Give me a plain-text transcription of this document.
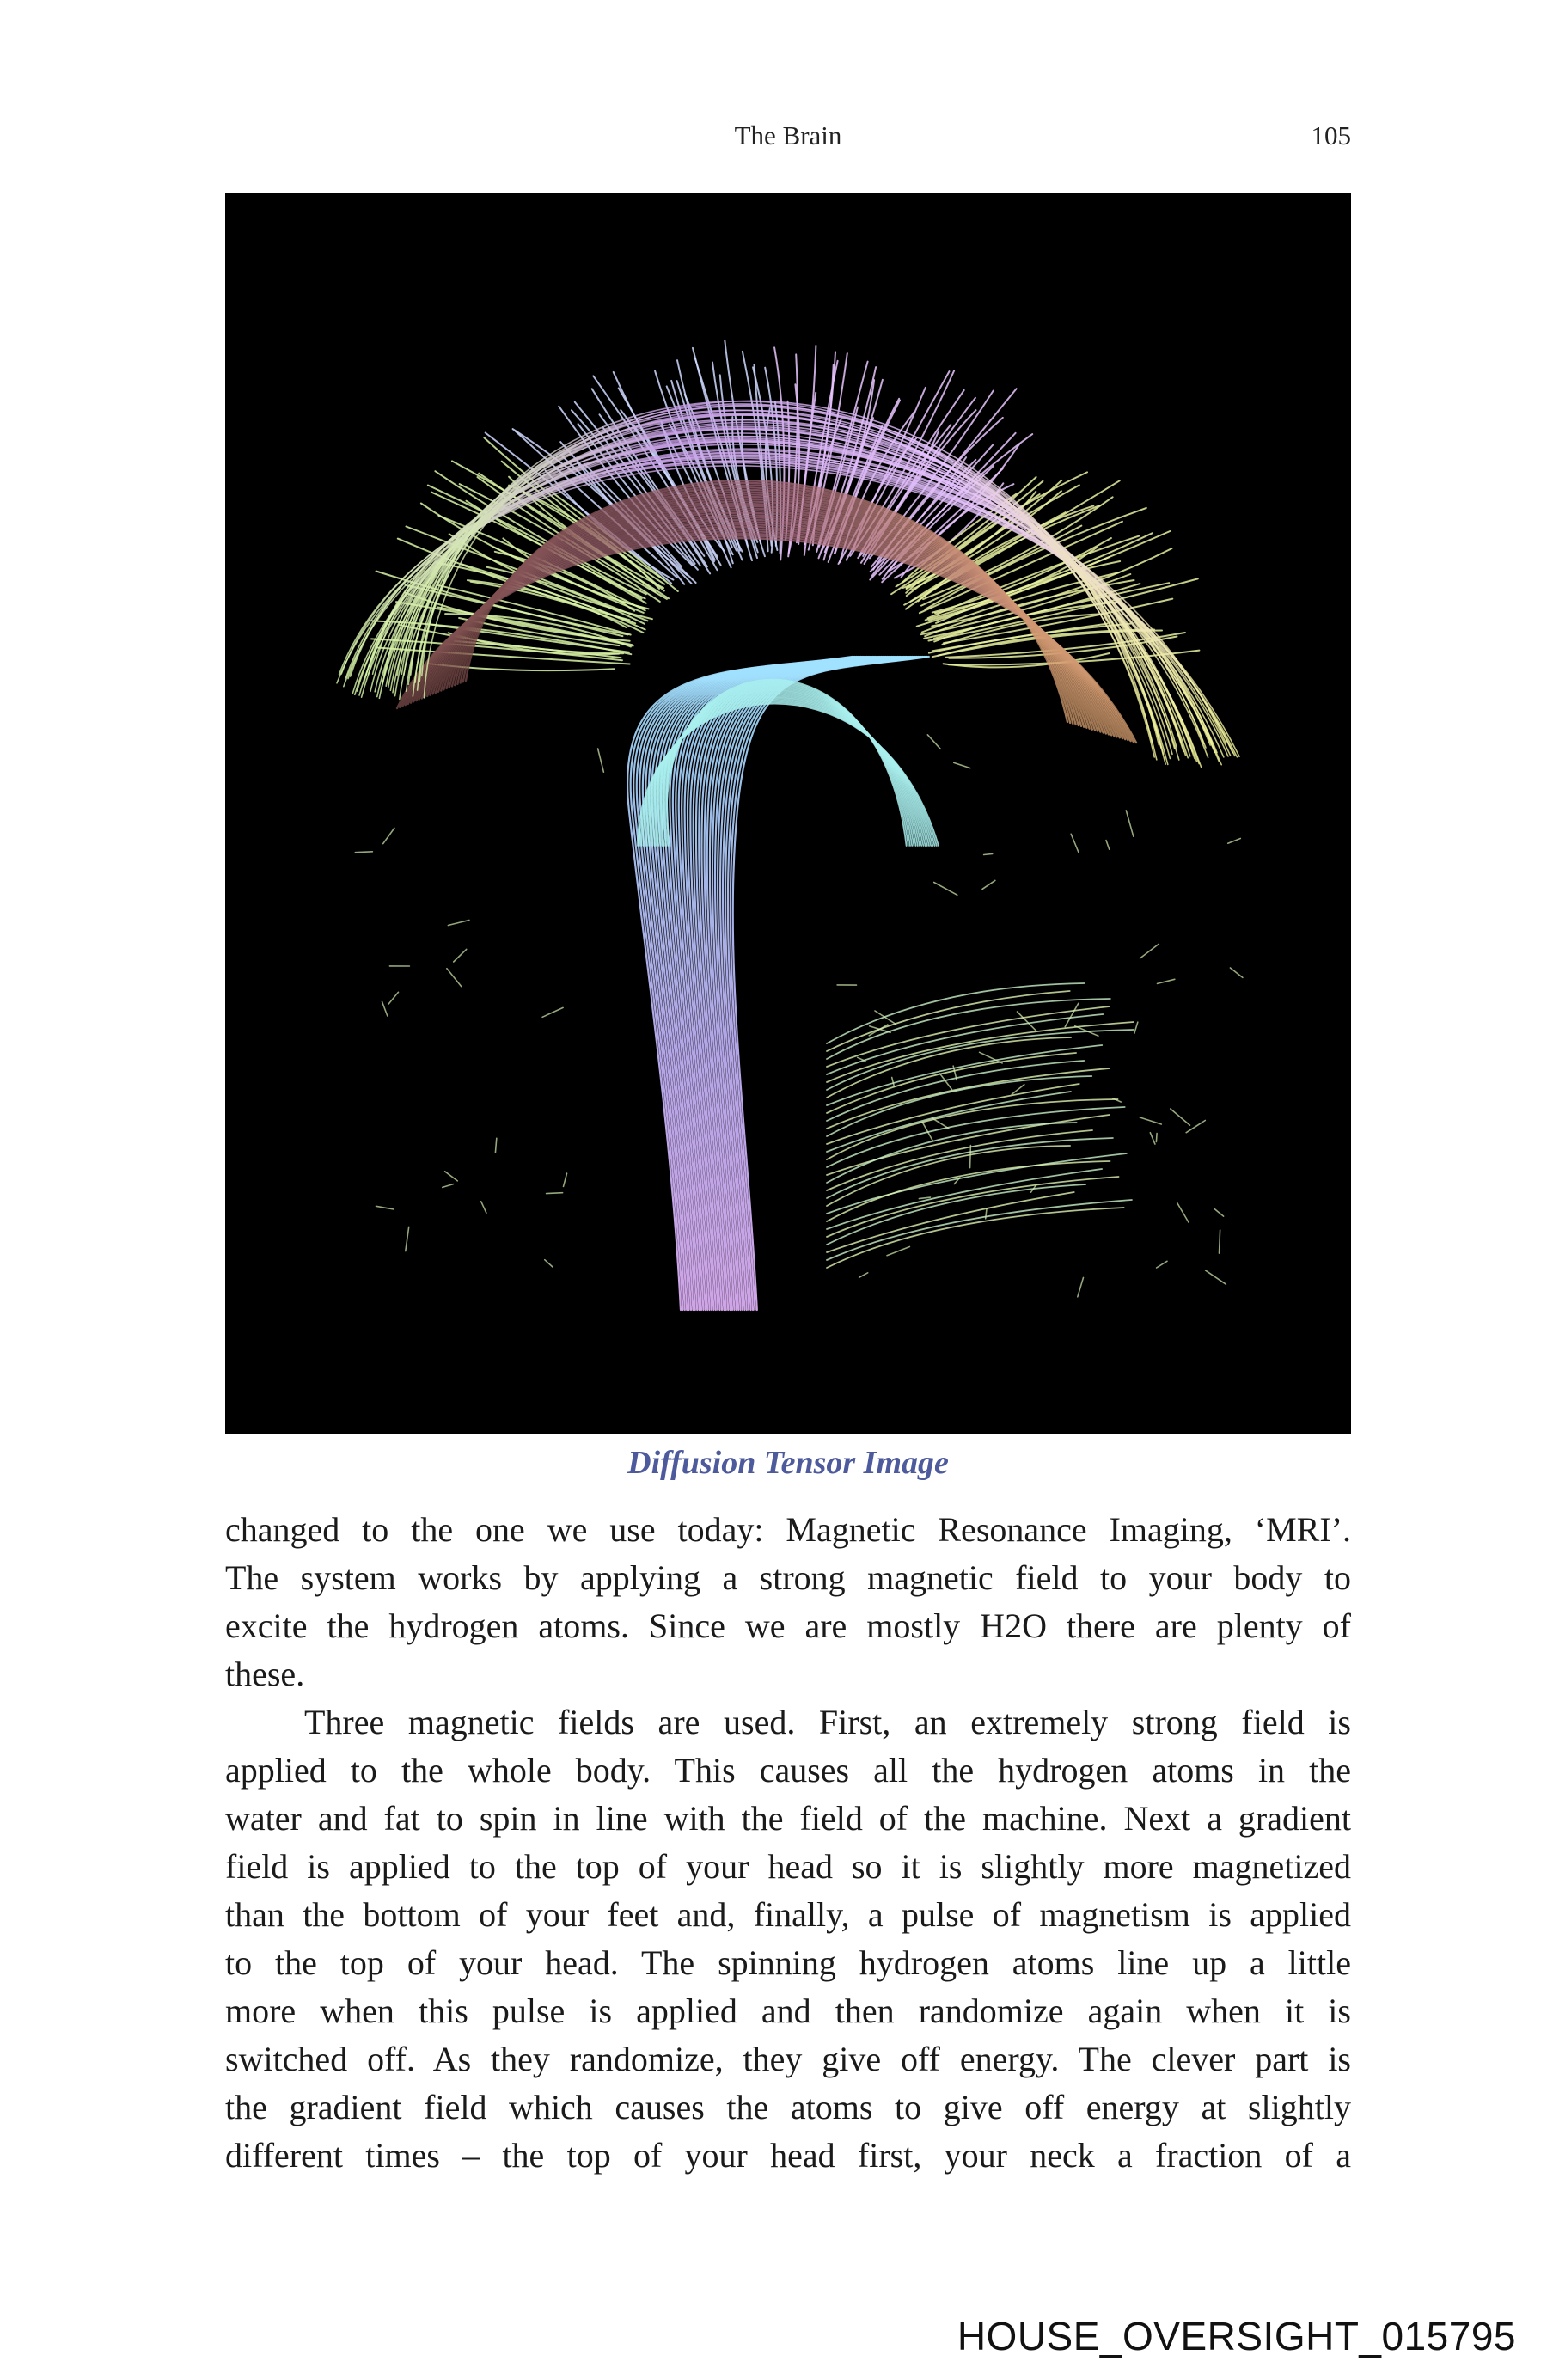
The Brain	105
Diffusion Tensor Image

changed to the one we use today: Magnetic Resonance Imaging, ‘MRI’.
The system works by applying a strong magnetic field to your body to
excite the hydrogen atoms. Since we are mostly H2O there are plenty of
these.

Three magnetic fields are used. First, an extremely strong field is
applied to the whole body. This causes all the hydrogen atoms in the
water and fat to spin in line with the field of the machine. Next a gradient
field is applied to the top of your head so it is slightly more magnetized
than the bottom of your feet and, finally, a pulse of magnetism is applied
to the top of your head. The spinning hydrogen atoms line up a little
more when this pulse is applied and then randomize again when it is
switched off. As they randomize, they give off energy. The clever part is
the gradient field which causes the atoms to give off energy at slightly
different times – the top of your head first, your neck a fraction of a

HOUSE_OVERSIGHT_015795
